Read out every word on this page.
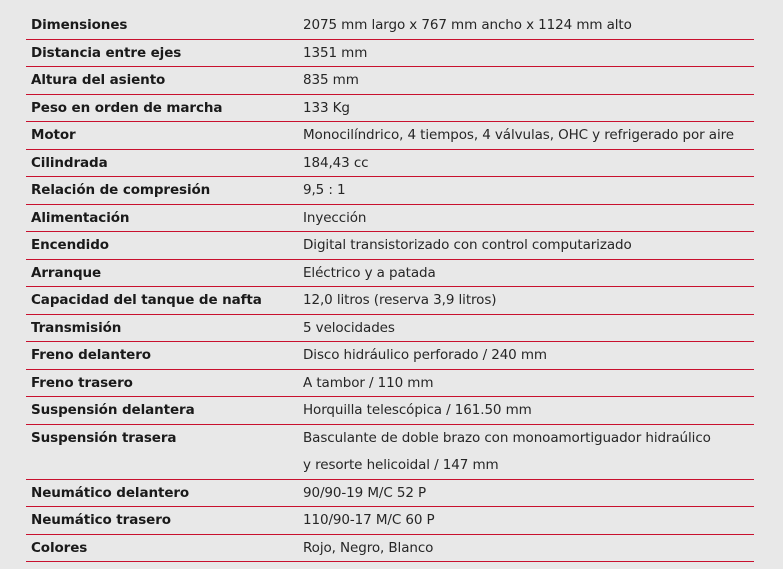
Dimensiones	2075 mm largo x 767 mm ancho x 1124 mm alto
Distancia entre ejes	1351 mm
Altura del asiento	835 mm
Peso en orden de marcha	133 Kg
Motor	Monocilíndrico, 4 tiempos, 4 válvulas, OHC y refrigerado por aire
Cilindrada	184,43 cc
Relación de compresión	9,5 : 1
Alimentación	Inyección
Encendido	Digital transistorizado con control computarizado
Arranque	Eléctrico y a patada
Capacidad del tanque de nafta	12,0 litros (reserva 3,9 litros)
Transmisión	5 velocidades
Freno delantero	Disco hidráulico perforado / 240 mm
Freno trasero	A tambor / 110 mm
Suspensión delantera	Horquilla telescópica / 161.50 mm
Suspensión trasera	Basculante de doble brazo con monoamortiguador hidraúlico
y resorte helicoidal / 147 mm
Neumático delantero	90/90-19 M/C 52 P
Neumático trasero	110/90-17 M/C 60 P
Colores	Rojo, Negro, Blanco
